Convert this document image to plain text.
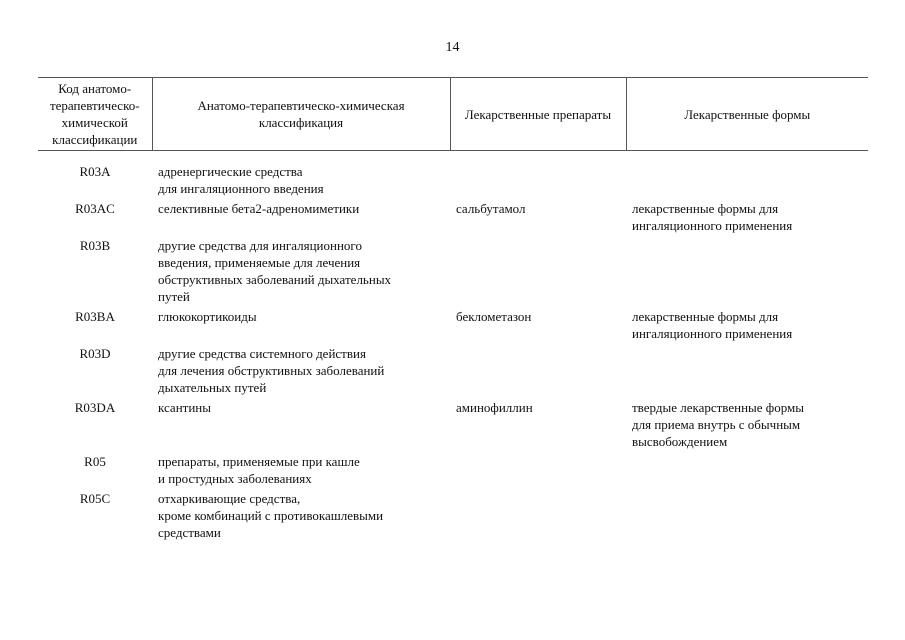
14
Код анатомо- терапевтическо- химической классификации	Анатомо-терапевтическо-химическая классификация	Лекарственные препараты	Лекарственные формы
R03A	адренергические средства
для ингаляционного введения		

R03AC	селективные бета2-адреномиметики	сальбутамол	лекарственные формы для
ингаляционного применения

R03B	другие средства для ингаляционного
введения, применяемые для лечения
обструктивных заболеваний дыхательных
путей		

R03BA	глюкокортикоиды	беклометазон	лекарственные формы для
ингаляционного применения

R03D	другие средства системного действия
для лечения обструктивных заболеваний
дыхательных путей		

R03DA	ксантины	аминофиллин	твердые лекарственные формы
для приема внутрь с обычным
высвобождением

R05	препараты, применяемые при кашле
и простудных заболеваниях		

R05C	отхаркивающие средства,
кроме комбинаций с противокашлевыми
средствами		
